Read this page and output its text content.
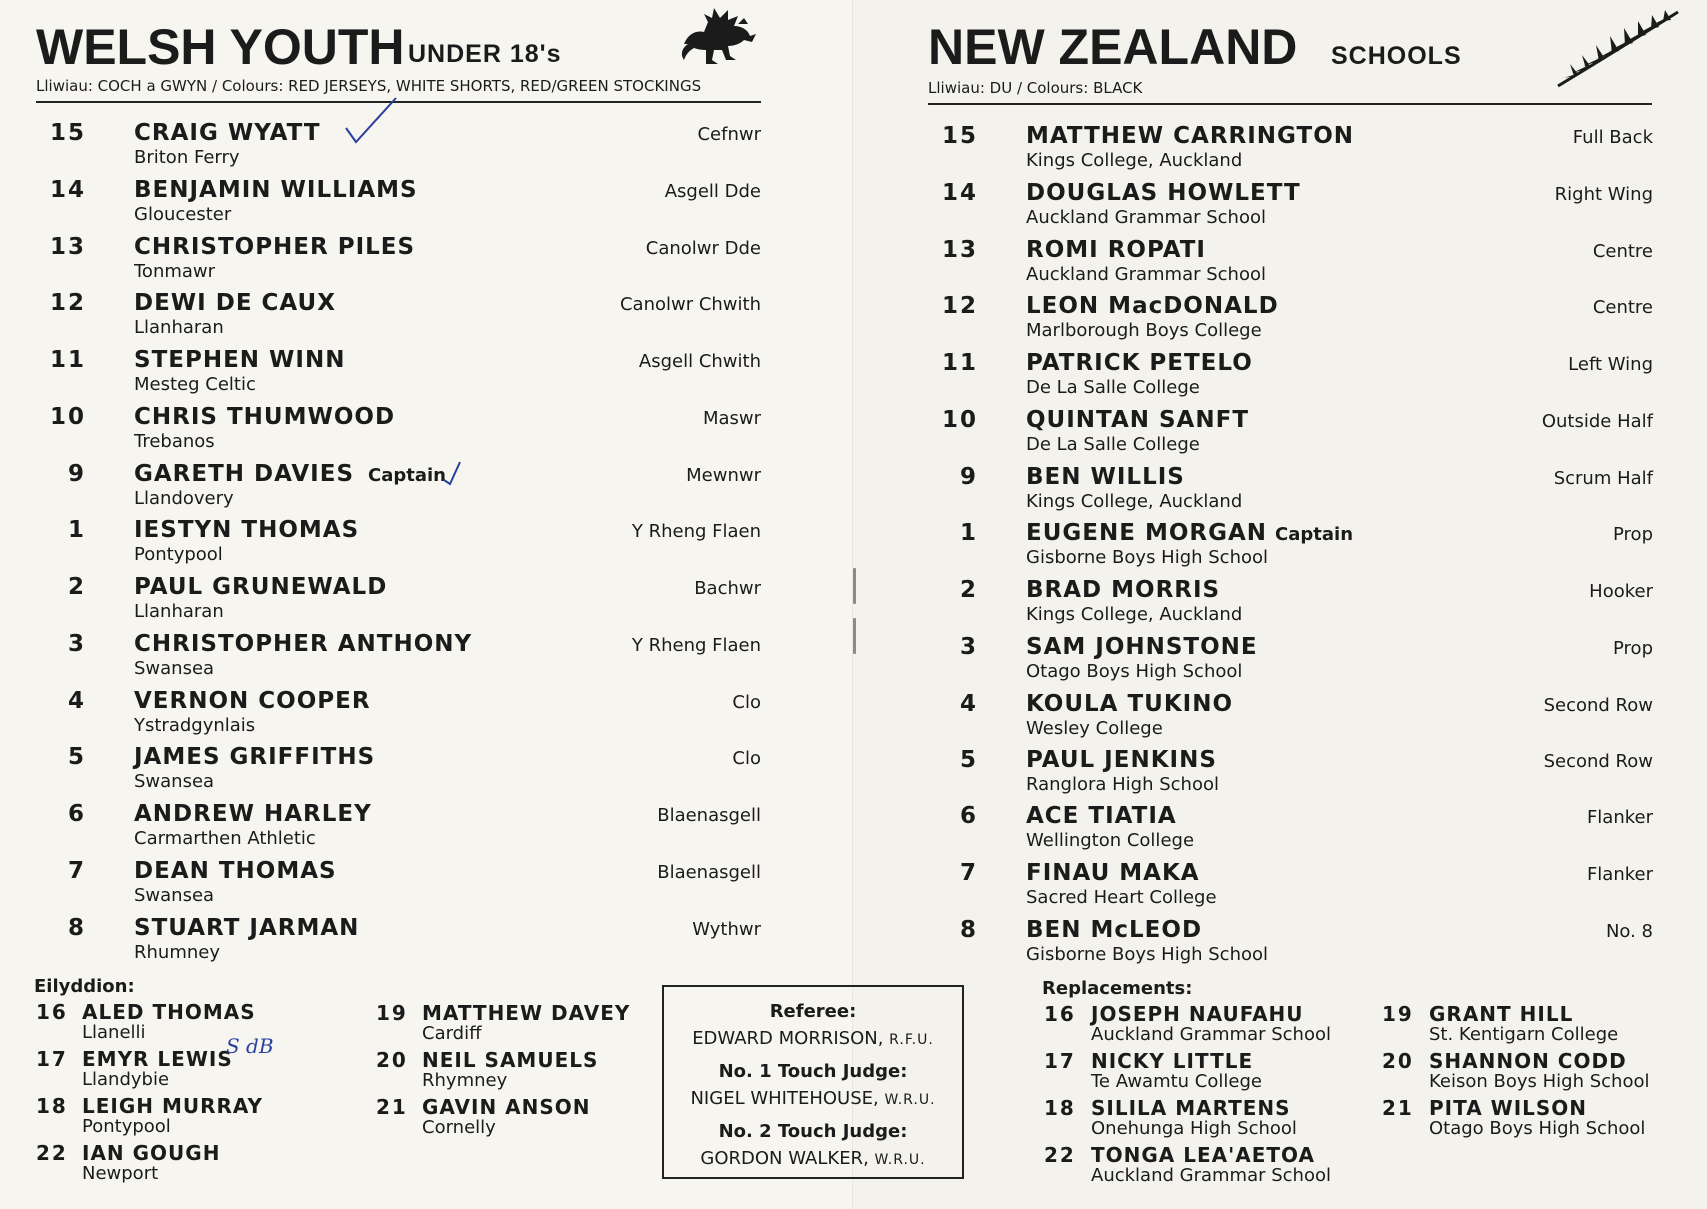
WELSH YOUTH UNDER 18's
Lliwiau: COCH a GWYN / Colours: RED JERSEYS, WHITE SHORTS, RED/GREEN STOCKINGS
15 CRAIG WYATT
Briton Ferry
Cefnwr
14 BENJAMIN WILLIAMS
Gloucester
Asgell Dde
13 CHRISTOPHER PILES
Tonmawr
Canolwr Dde
12 DEWI DE CAUX
Llanharan
Canolwr Chwith
11 STEPHEN WINN
Mesteg Celtic
Asgell Chwith
10 CHRIS THUMWOOD
Trebanos
Maswr
9 GARETH DAVIES Captain
Llandovery
Mewnwr
1 IESTYN THOMAS
Pontypool
Y Rheng Flaen
2 PAUL GRUNEWALD
Llanharan
Bachwr
3 CHRISTOPHER ANTHONY
Swansea
Y Rheng Flaen
4 VERNON COOPER
Ystradgynlais
Clo
5 JAMES GRIFFITHS
Swansea
Clo
6 ANDREW HARLEY
Carmarthen Athletic
Blaenasgell
7 DEAN THOMAS
Swansea
Blaenasgell
8 STUART JARMAN
Rhumney
Wythwr
Eilyddion:
16 ALED THOMAS
Llanelli
17 EMYR LEWIS
Llandybie
18 LEIGH MURRAY
Pontypool
22 IAN GOUGH
Newport
19 MATTHEW DAVEY
Cardiff
20 NEIL SAMUELS
Rhymney
21 GAVIN ANSON
Cornelly
Referee:
EDWARD MORRISON, R.F.U.
No. 1 Touch Judge:
NIGEL WHITEHOUSE, W.R.U.
No. 2 Touch Judge:
GORDON WALKER, W.R.U.
NEW ZEALAND SCHOOLS
Lliwiau: DU / Colours: BLACK
15 MATTHEW CARRINGTON
Kings College, Auckland
Full Back
14 DOUGLAS HOWLETT
Auckland Grammar School
Right Wing
13 ROMI ROPATI
Auckland Grammar School
Centre
12 LEON MacDONALD
Marlborough Boys College
Centre
11 PATRICK PETELO
De La Salle College
Left Wing
10 QUINTAN SANFT
De La Salle College
Outside Half
9 BEN WILLIS
Kings College, Auckland
Scrum Half
1 EUGENE MORGAN Captain
Gisborne Boys High School
Prop
2 BRAD MORRIS
Kings College, Auckland
Hooker
3 SAM JOHNSTONE
Otago Boys High School
Prop
4 KOULA TUKINO
Wesley College
Second Row
5 PAUL JENKINS
Ranglora High School
Second Row
6 ACE TIATIA
Wellington College
Flanker
7 FINAU MAKA
Sacred Heart College
Flanker
8 BEN McLEOD
Gisborne Boys High School
No. 8
Replacements:
16 JOSEPH NAUFAHU
Auckland Grammar School
17 NICKY LITTLE
Te Awamtu College
18 SILILA MARTENS
Onehunga High School
22 TONGA LEA'AETOA
Auckland Grammar School
19 GRANT HILL
St. Kentigarn College
20 SHANNON CODD
Keison Boys High School
21 PITA WILSON
Otago Boys High School
S dB
